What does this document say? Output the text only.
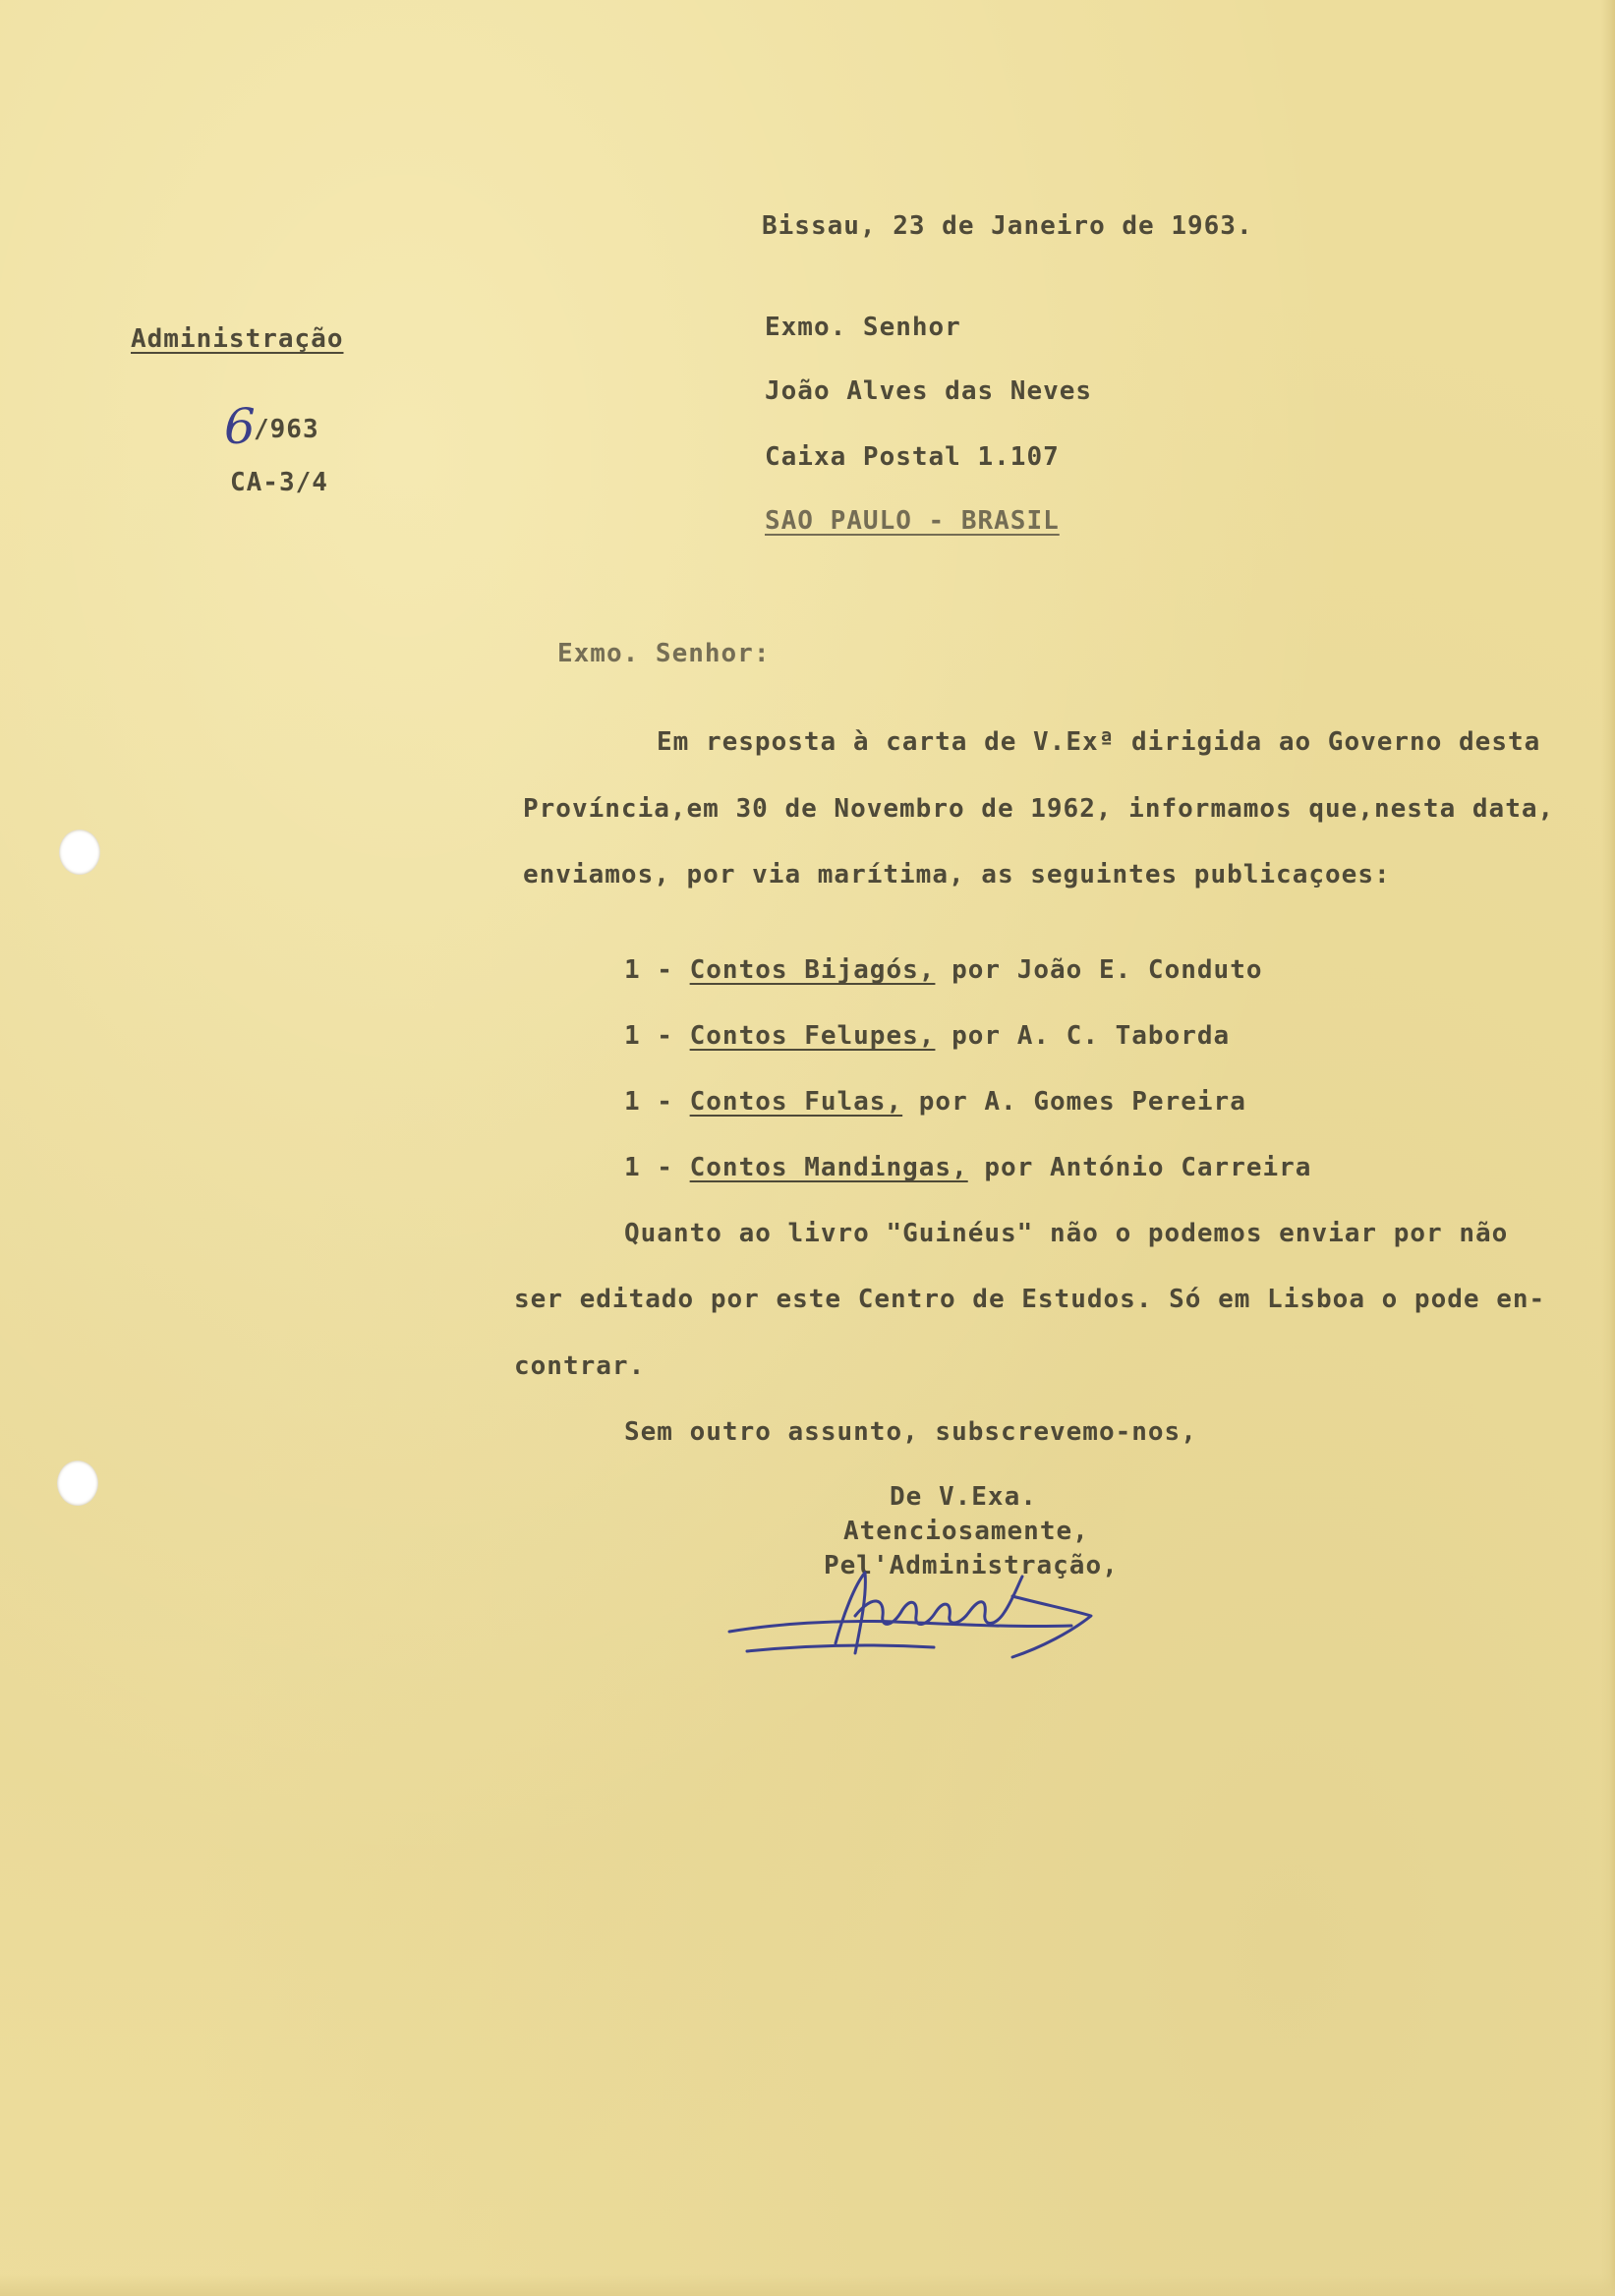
Bissau, 23 de Janeiro de 1963.
Administração
6
/963
CA-3/4
Exmo. Senhor
João Alves das Neves
Caixa Postal 1.107
SAO PAULO - BRASIL
Exmo. Senhor:
Em resposta à carta de V.Exª dirigida ao Governo desta
Província,em 30 de Novembro de 1962, informamos que,nesta data,
enviamos, por via marítima, as seguintes publicaçoes:
1 - Contos Bijagós, por João E. Conduto
1 - Contos Felupes, por A. C. Taborda
1 - Contos Fulas, por A. Gomes Pereira
1 - Contos Mandingas, por António Carreira
Quanto ao livro "Guinéus" não o podemos enviar por não
ser editado por este Centro de Estudos. Só em Lisboa o pode en-
contrar.
Sem outro assunto, subscrevemo-nos,
De V.Exa.
Atenciosamente,
Pel'Administração,
